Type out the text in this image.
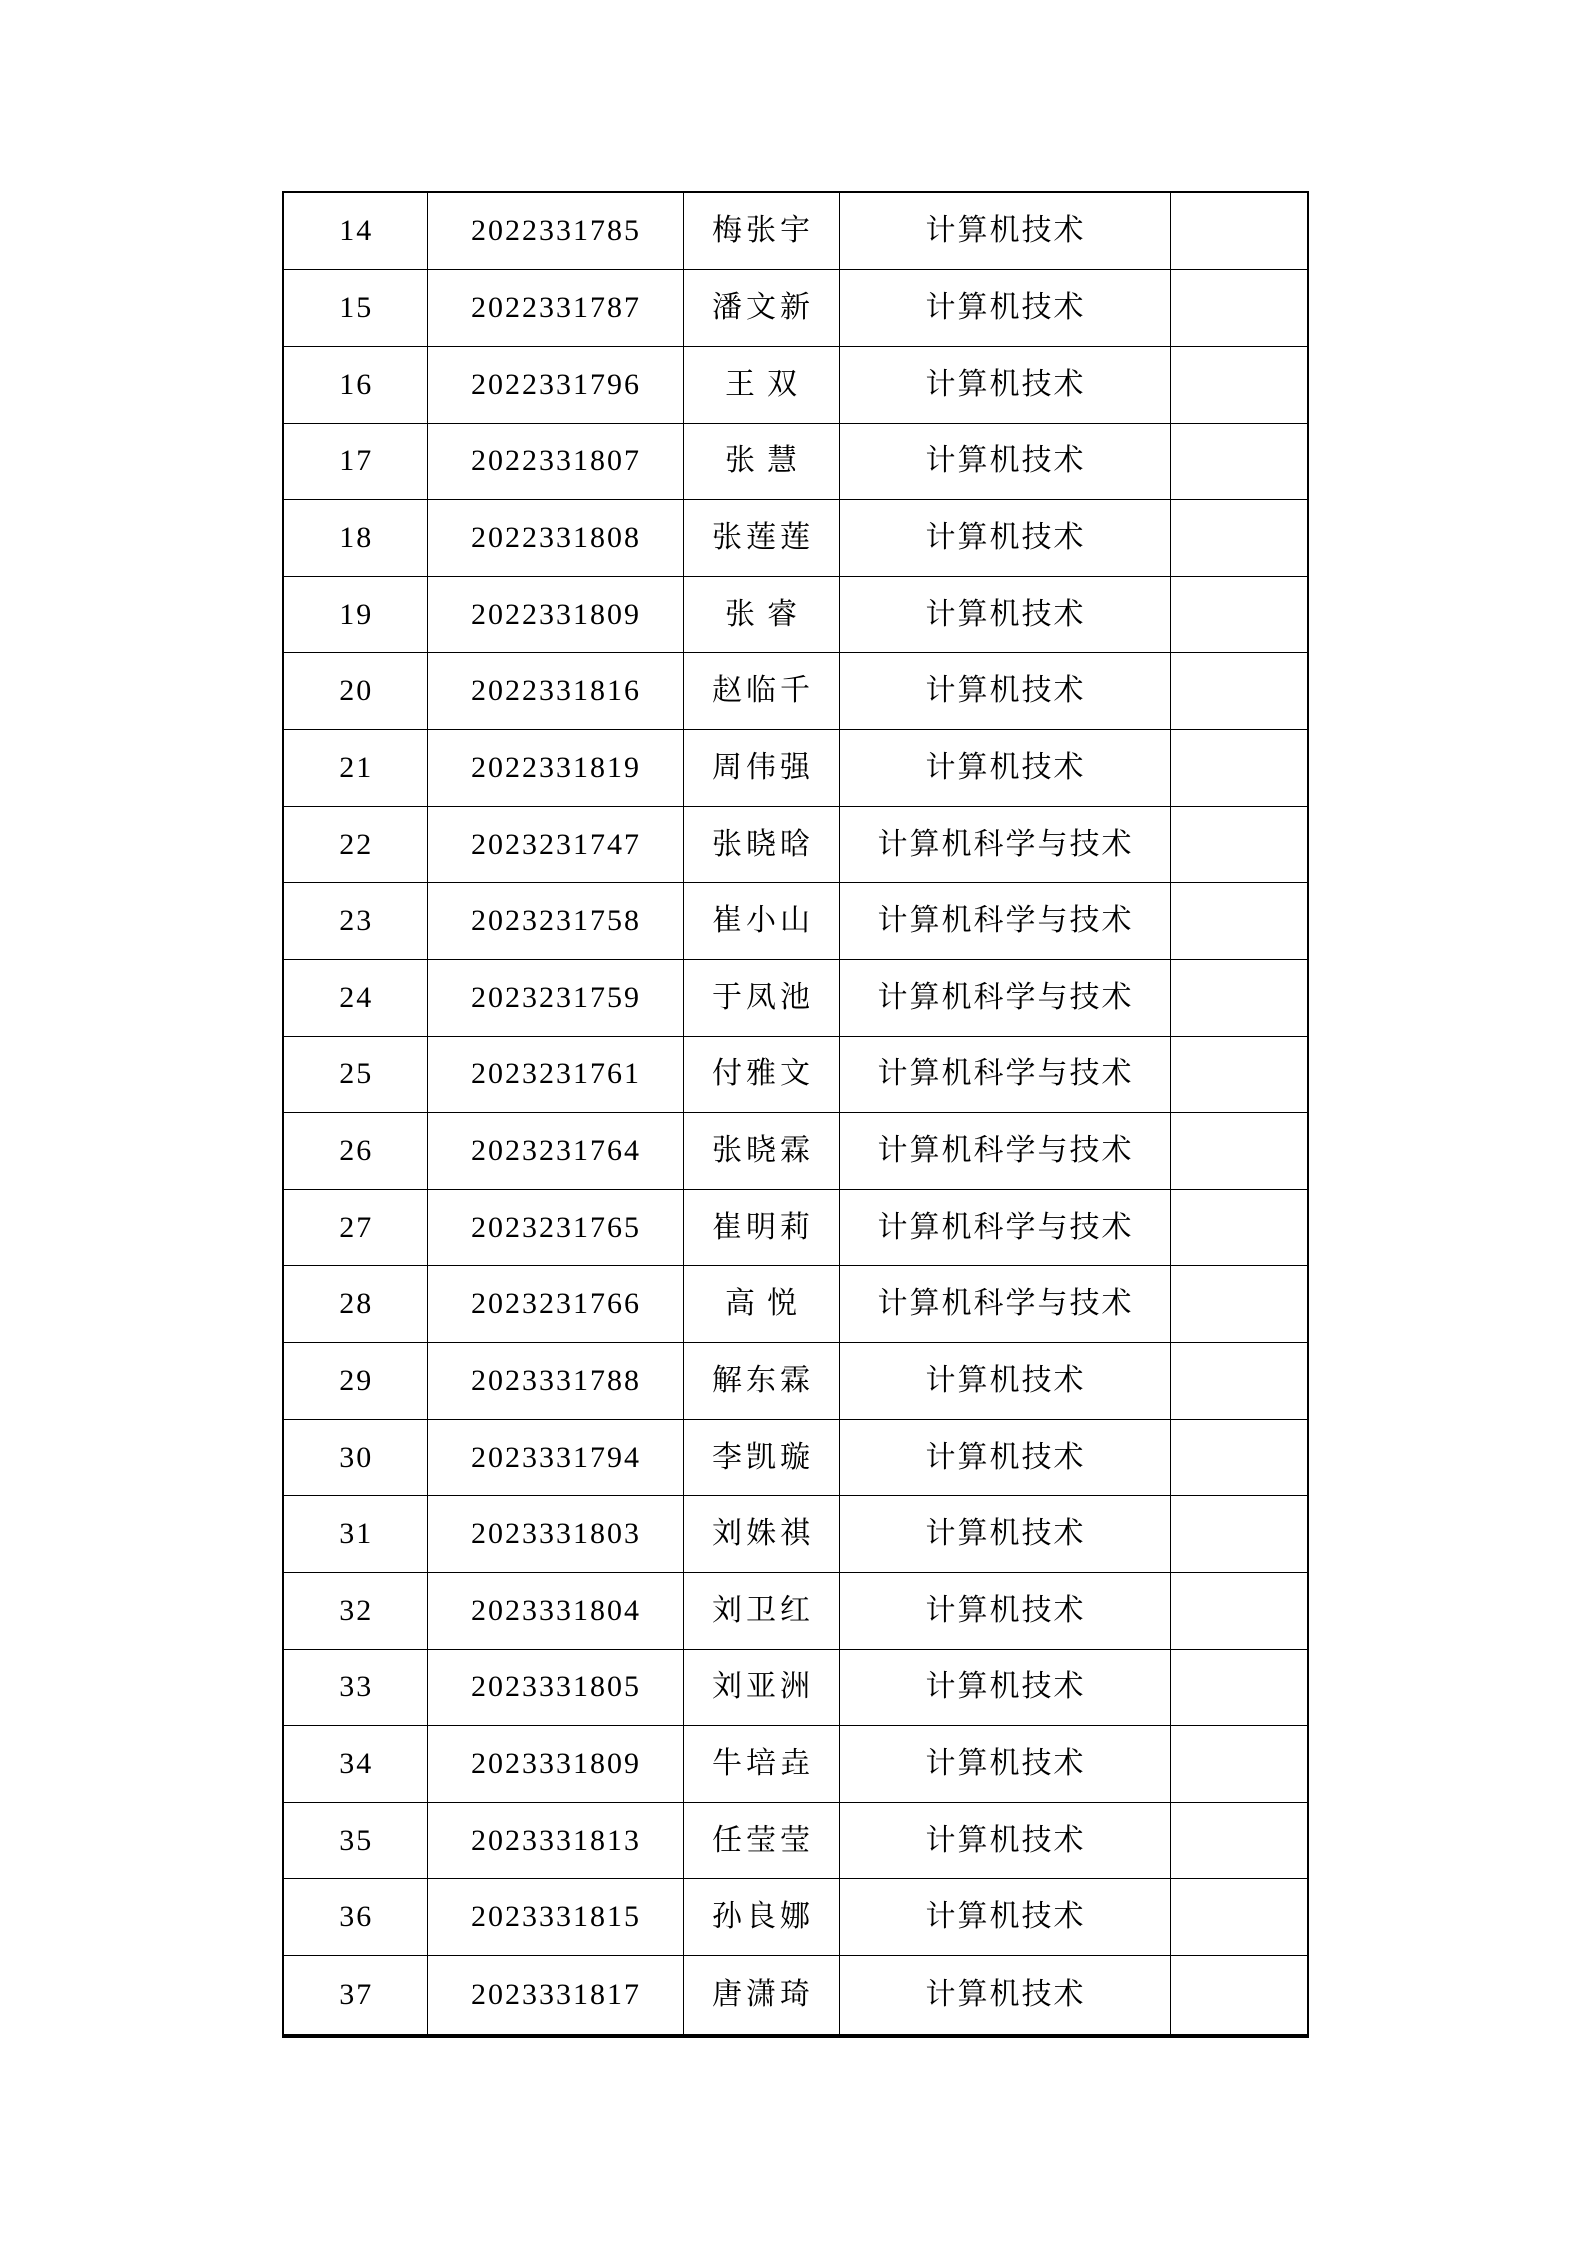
14	2022331785	梅张宇	计算机技术	
15	2022331787	潘文新	计算机技术	
16	2022331796	王双	计算机技术	
17	2022331807	张慧	计算机技术	
18	2022331808	张莲莲	计算机技术	
19	2022331809	张睿	计算机技术	
20	2022331816	赵临千	计算机技术	
21	2022331819	周伟强	计算机技术	
22	2023231747	张晓晗	计算机科学与技术	
23	2023231758	崔小山	计算机科学与技术	
24	2023231759	于凤池	计算机科学与技术	
25	2023231761	付雅文	计算机科学与技术	
26	2023231764	张晓霖	计算机科学与技术	
27	2023231765	崔明莉	计算机科学与技术	
28	2023231766	高悦	计算机科学与技术	
29	2023331788	解东霖	计算机技术	
30	2023331794	李凯璇	计算机技术	
31	2023331803	刘姝祺	计算机技术	
32	2023331804	刘卫红	计算机技术	
33	2023331805	刘亚洲	计算机技术	
34	2023331809	牛培垚	计算机技术	
35	2023331813	任莹莹	计算机技术	
36	2023331815	孙良娜	计算机技术	
37	2023331817	唐潇琦	计算机技术	
